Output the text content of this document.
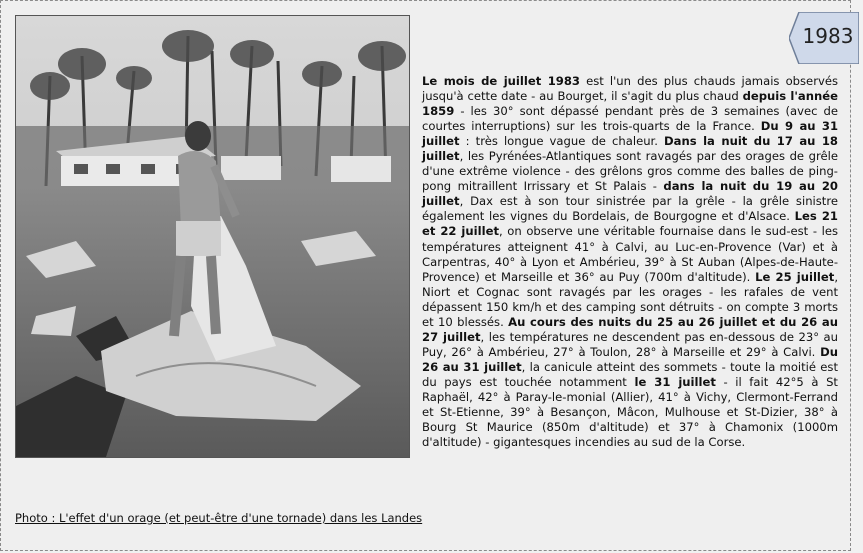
1983
Le mois de juillet 1983 est l'un des plus chauds jamais observés jusqu'à cette date - au Bourget, il s'agit du plus chaud depuis l'année 1859 - les 30° sont dépassé pendant près de 3 semaines (avec de courtes interruptions) sur les trois-quarts de la France. Du 9 au 31 juillet : très longue vague de chaleur. Dans la nuit du 17 au 18 juillet, les Pyrénées-Atlantiques sont ravagés par des orages de grêle d'une extrême violence - des grêlons gros comme des balles de ping-pong mitraillent Irrissary et St Palais - dans la nuit du 19 au 20 juillet, Dax est à son tour sinistrée par la grêle - la grêle sinistre également les vignes du Bordelais, de Bourgogne et d'Alsace. Les 21 et 22 juillet, on observe une véritable fournaise dans le sud-est - les températures atteignent 41° à Calvi, au Luc-en-Provence (Var) et à Carpentras, 40° à Lyon et Ambérieu, 39° à St Auban (Alpes-de-Haute-Provence) et Marseille et 36° au Puy (700m d'altitude). Le 25 juillet, Niort et Cognac sont ravagés par les orages - les rafales de vent dépassent 150 km/h et des camping sont détruits - on compte 3 morts et 10 blessés. Au cours des nuits du 25 au 26 juillet et du 26 au 27 juillet, les températures ne descendent pas en-dessous de 23° au Puy, 26° à Ambérieu, 27° à Toulon, 28° à Marseille et 29° à Calvi. Du 26 au 31 juillet, la canicule atteint des sommets - toute la moitié est du pays est touchée notamment le 31 juillet - il fait 42°5 à St Raphaël, 42° à Paray-le-monial (Allier), 41° à Vichy, Clermont-Ferrand et St-Etienne, 39° à Besançon, Mâcon, Mulhouse et St-Dizier, 38° à Bourg St Maurice (850m d'altitude) et 37° à Chamonix (1000m d'altitude) - gigantesques incendies au sud de la Corse.
Photo : L'effet d'un orage (et peut-être d'une tornade) dans les Landes
